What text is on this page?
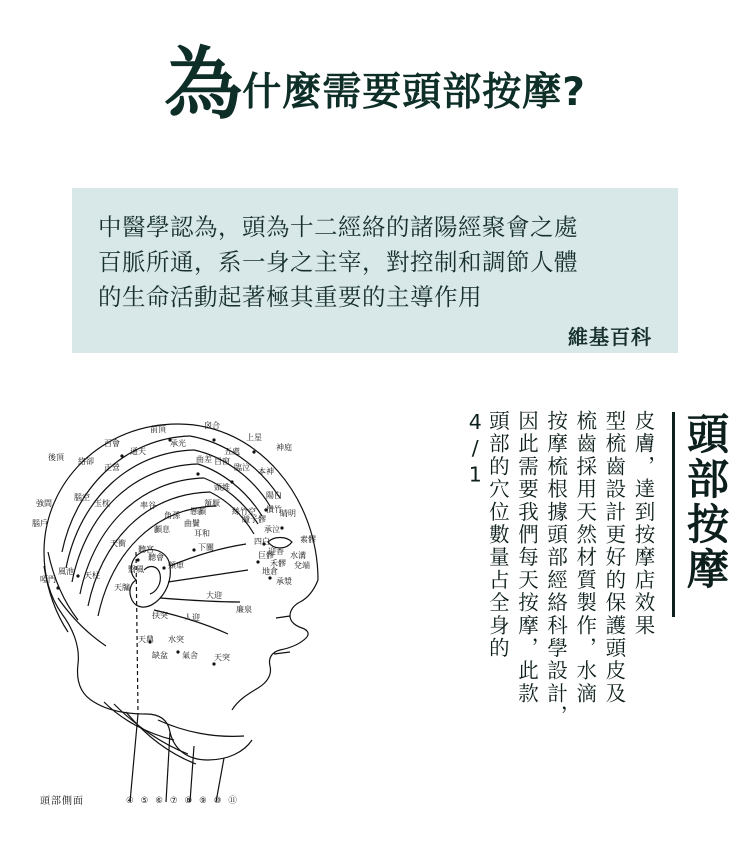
為什麼需要頭部按摩?
中醫學認為，頭為十二經絡的諸陽經聚會之處
百脈所通，系一身之主宰，對控制和調節人體
的生命活動起著極其重要的主導作用
維基百科
頭部按摩
頭部的穴位數量占全身的4/1	因此需要我們每天按摩，此款 按摩梳根據頭部經絡科學設計， 梳齒採用天然材質製作，水滴 型梳齒設計更好的保護頭皮及 皮膚，達到按摩店效果
前頂	囟合
上星
神庭
百會	承光
五處
曲差 目窗
臨泣
通天
絡卻
正營
後頂
本神
頭維
陽白
頷厭
懸顱	絲竹空
強間
腦空
玉枕	率谷
角孫
曲鬢
攢竹
睛明
瞳子髎
顱息
腦戶
耳和	承泣
四白
迎香
素髎
水溝
兌端
巨髎
禾髎
地倉
承漿
下關
頰車
聽宮
聽會
翳風
天衝
風池 天柱
啞門
天牖
大迎
扶突 人迎
廉泉
天鼎 水突
缺盆 氣舍 天突
頭部側面	④⑤⑥⑦⑧⑨⑩⑪
